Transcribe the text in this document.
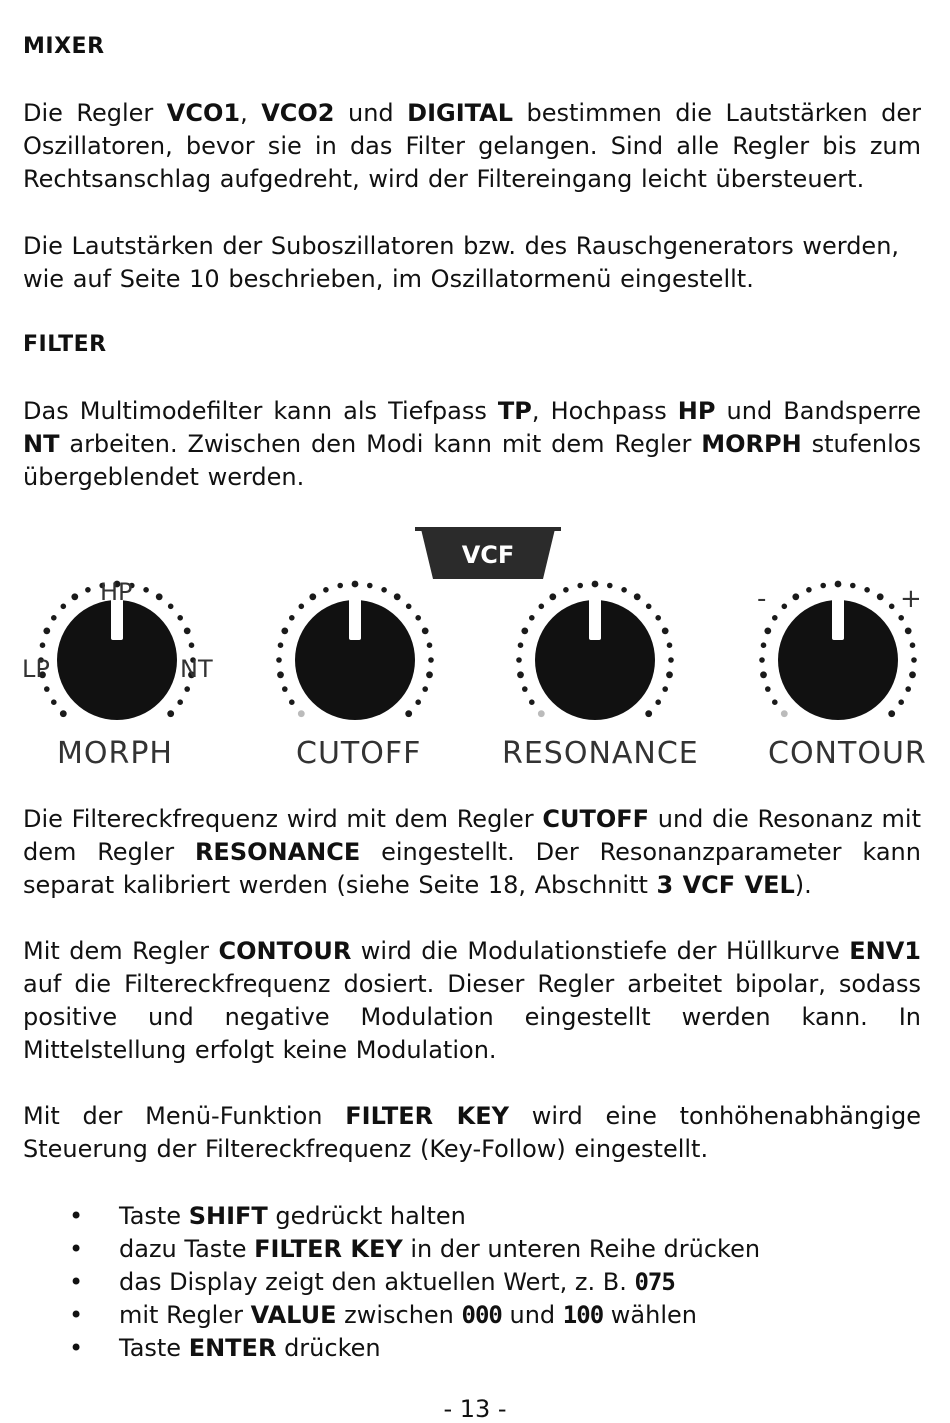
MIXER
Die Regler VCO1, VCO2 und DIGITAL bestimmen die Lautstärken der Oszillatoren, bevor sie in das Filter gelangen. Sind alle Regler bis zum Rechtsanschlag aufgedreht, wird der Filtereingang leicht übersteuert.
Die Lautstärken der Suboszillatoren bzw. des Rauschgenerators werden, wie auf Seite 10 beschrieben, im Oszillatormenü eingestellt.
FILTER
Das Multimodefilter kann als Tiefpass TP, Hochpass HP und Bandsperre NT arbeiten. Zwischen den Modi kann mit dem Regler MORPH stufenlos übergeblendet werden.
Die Filtereckfrequenz wird mit dem Regler CUTOFF und die Resonanz mit dem Regler RESONANCE eingestellt. Der Resonanzparameter kann separat kalibriert werden (siehe Seite 18, Abschnitt 3 VCF VEL).
Mit dem Regler CONTOUR wird die Modulationstiefe der Hüllkurve ENV1 auf die Filtereckfrequenz dosiert. Dieser Regler arbeitet bipolar, sodass positive und negative Modulation eingestellt werden kann. In Mittelstellung erfolgt keine Modulation.
Mit der Menü-Funktion FILTER KEY wird eine tonhöhenabhängige Steuerung der Filtereckfrequenz (Key-Follow) eingestellt.
• Taste SHIFT gedrückt halten
• dazu Taste FILTER KEY in der unteren Reihe drücken
• das Display zeigt den aktuellen Wert, z. B. 075
• mit Regler VALUE zwischen 000 und 100 wählen
• Taste ENTER drücken
VCF
LP
HP
NT
-	+
MORPH	CUTOFF	RESONANCE CONTOUR
- 13 -
